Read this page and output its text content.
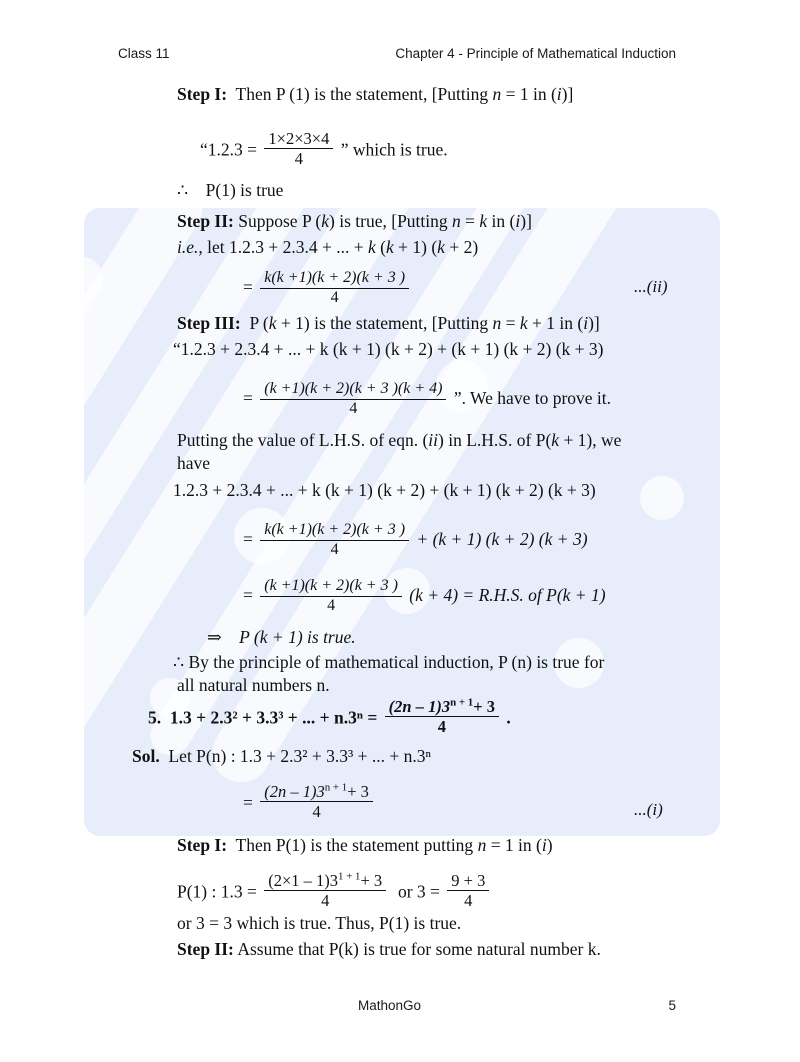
Class 11	Chapter 4 - Principle of Mathematical Induction
Step I: Then P (1) is the statement, [Putting n = 1 in (i)]
“$1.2.3 = \frac{1\times 2\times 3\times 4}{4}$ ” which is true.
∴ P(1) is true
Step II: Suppose P (k) is true, [Putting n = k in (i)]
i.e., let 1.2.3 + 2.3.4 + ... + k (k + 1) (k + 2)
= $\frac{k(k +1)(k + 2)(k + 3 )}{4}$	...(ii)
Step III: P (k + 1) is the statement, [Putting n = k + 1 in (i)]
“1.2.3 + 2.3.4 + ... + k (k + 1) (k + 2) + (k + 1) (k + 2) (k + 3)
= $\frac{(k +1)(k + 2)(k + 3 )(k + 4)}{4}$ ”. We have to prove it.
Putting the value of L.H.S. of eqn. (ii) in L.H.S. of P(k + 1), we
have
1.2.3 + 2.3.4 + ... + k (k + 1) (k + 2) + (k + 1) (k + 2) (k + 3)
= $\frac{k(k +1)(k + 2)(k + 3 )}{4} + (k + 1) (k + 2) (k + 3)$
= $\frac{(k +1)(k + 2)(k + 3 )}{4} (k + 4) = R.H.S$. of P(k + 1)
⇒ P (k + 1) is true.
∴ By the principle of mathematical induction, P (n) is true for
all natural numbers n.
5. 1.3 + 2.3² + 3.3³ + ... + $n.3^n = \frac{(2n - 1)3^{n + 1}+ 3}{4}$ .
Sol. Let P(n) : 1.3 + 2.3² + 3.3³ + ... + n.3ⁿ
= $\frac{(2n - 1)3^{n + 1}+ 3}{4}$	...(i)
Step I: Then P(1) is the statement putting n = 1 in (i)
P(1) : $1.3 = \frac{(2\times 1 - 1)3^{1 + 1}+ 3}{4}$ or $3 = \frac{9 + 3}{4}$
or 3 = 3 which is true. Thus, P(1) is true.
Step II: Assume that P(k) is true for some natural number k.
MathonGo	5
